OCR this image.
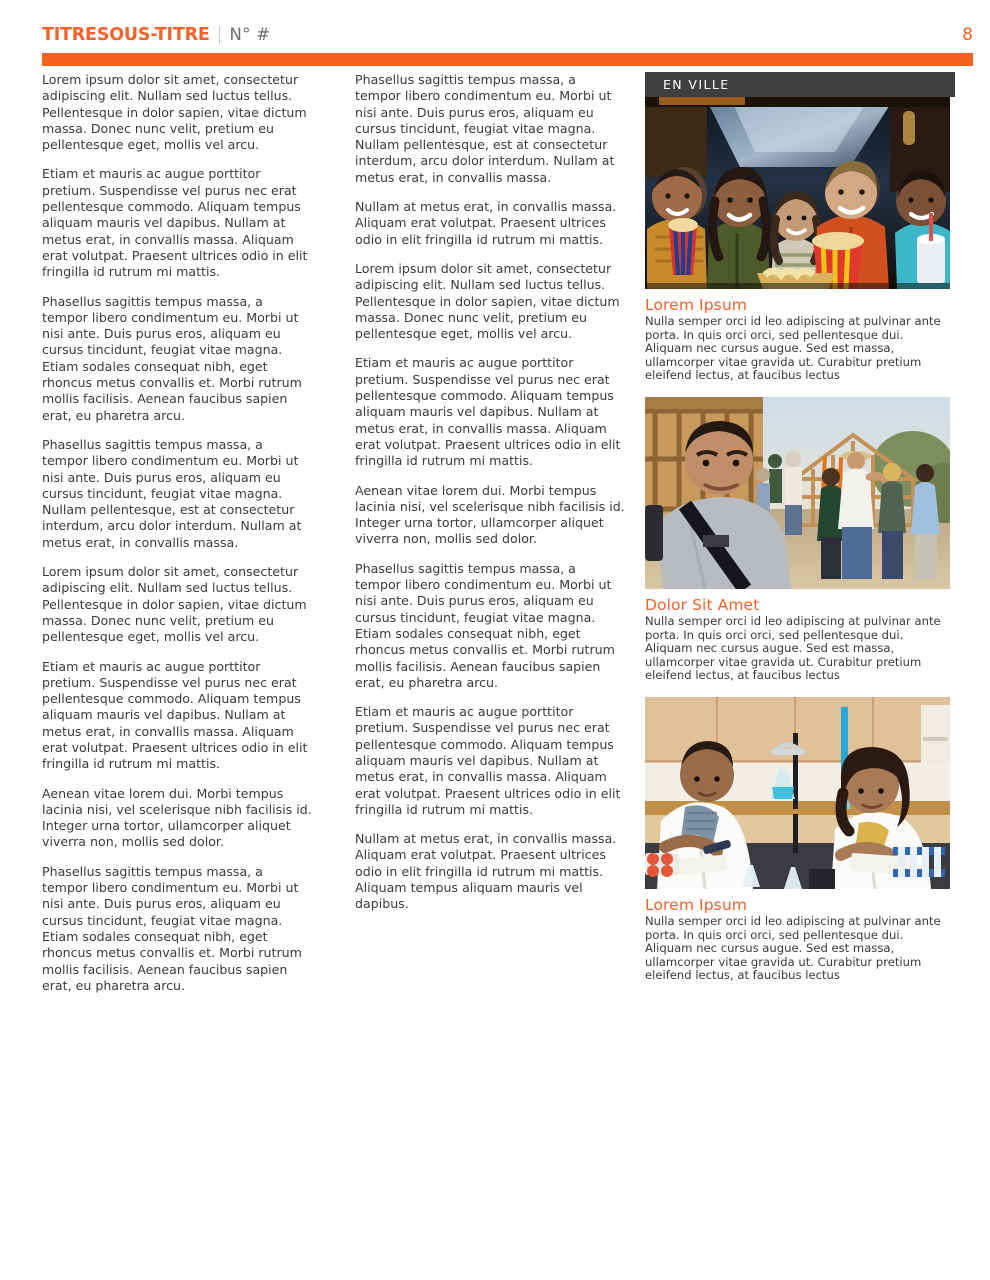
TITRESOUS-TITRE | N° #	8

Lorem ipsum dolor sit amet, consectetur adipiscing elit. Nullam sed luctus tellus. Pellentesque in dolor sapien, vitae dictum massa. Donec nunc velit, pretium eu pellentesque eget, mollis vel arcu.

Etiam et mauris ac augue porttitor pretium. Suspendisse vel purus nec erat pellentesque commodo. Aliquam tempus aliquam mauris vel dapibus. Nullam at metus erat, in convallis massa. Aliquam erat volutpat. Praesent ultrices odio in elit fringilla id rutrum mi mattis.

Phasellus sagittis tempus massa, a tempor libero condimentum eu. Morbi ut nisi ante. Duis purus eros, aliquam eu cursus tincidunt, feugiat vitae magna. Etiam sodales consequat nibh, eget rhoncus metus convallis et. Morbi rutrum mollis facilisis. Aenean faucibus sapien erat, eu pharetra arcu.

Phasellus sagittis tempus massa, a tempor libero condimentum eu. Morbi ut nisi ante. Duis purus eros, aliquam eu cursus tincidunt, feugiat vitae magna. Nullam pellentesque, est at consectetur interdum, arcu dolor interdum. Nullam at metus erat, in convallis massa.

Lorem ipsum dolor sit amet, consectetur adipiscing elit. Nullam sed luctus tellus. Pellentesque in dolor sapien, vitae dictum massa. Donec nunc velit, pretium eu pellentesque eget, mollis vel arcu.

Etiam et mauris ac augue porttitor pretium. Suspendisse vel purus nec erat pellentesque commodo. Aliquam tempus aliquam mauris vel dapibus. Nullam at metus erat, in convallis massa. Aliquam erat volutpat. Praesent ultrices odio in elit fringilla id rutrum mi mattis.

Aenean vitae lorem dui. Morbi tempus lacinia nisi, vel scelerisque nibh facilisis id. Integer urna tortor, ullamcorper aliquet viverra non, mollis sed dolor.

Phasellus sagittis tempus massa, a tempor libero condimentum eu. Morbi ut nisi ante. Duis purus eros, aliquam eu cursus tincidunt, feugiat vitae magna. Etiam sodales consequat nibh, eget rhoncus metus convallis et. Morbi rutrum mollis facilisis. Aenean faucibus sapien erat, eu pharetra arcu.

Phasellus sagittis tempus massa, a tempor libero condimentum eu. Morbi ut nisi ante. Duis purus eros, aliquam eu cursus tincidunt, feugiat vitae magna. Nullam pellentesque, est at consectetur interdum, arcu dolor interdum. Nullam at metus erat, in convallis massa.

Nullam at metus erat, in convallis massa. Aliquam erat volutpat. Praesent ultrices odio in elit fringilla id rutrum mi mattis.

Lorem ipsum dolor sit amet, consectetur adipiscing elit. Nullam sed luctus tellus. Pellentesque in dolor sapien, vitae dictum massa. Donec nunc velit, pretium eu pellentesque eget, mollis vel arcu.

Etiam et mauris ac augue porttitor pretium. Suspendisse vel purus nec erat pellentesque commodo. Aliquam tempus aliquam mauris vel dapibus. Nullam at metus erat, in convallis massa. Aliquam erat volutpat. Praesent ultrices odio in elit fringilla id rutrum mi mattis.

Aenean vitae lorem dui. Morbi tempus lacinia nisi, vel scelerisque nibh facilisis id. Integer urna tortor, ullamcorper aliquet viverra non, mollis sed dolor.

Phasellus sagittis tempus massa, a tempor libero condimentum eu. Morbi ut nisi ante. Duis purus eros, aliquam eu cursus tincidunt, feugiat vitae magna. Etiam sodales consequat nibh, eget rhoncus metus convallis et. Morbi rutrum mollis facilisis. Aenean faucibus sapien erat, eu pharetra arcu.

Etiam et mauris ac augue porttitor pretium. Suspendisse vel purus nec erat pellentesque commodo. Aliquam tempus aliquam mauris vel dapibus. Nullam at metus erat, in convallis massa. Aliquam erat volutpat. Praesent ultrices odio in elit fringilla id rutrum mi mattis.

Nullam at metus erat, in convallis massa. Aliquam erat volutpat. Praesent ultrices odio in elit fringilla id rutrum mi mattis. Aliquam tempus aliquam mauris vel dapibus.

EN VILLE
Lorem Ipsum
Nulla semper orci id leo adipiscing at pulvinar ante porta. In quis orci orci, sed pellentesque dui. Aliquam nec cursus augue. Sed est massa, ullamcorper vitae gravida ut. Curabitur pretium eleifend lectus, at faucibus lectus
Dolor Sit Amet
Nulla semper orci id leo adipiscing at pulvinar ante porta. In quis orci orci, sed pellentesque dui. Aliquam nec cursus augue. Sed est massa, ullamcorper vitae gravida ut. Curabitur pretium eleifend lectus, at faucibus lectus
Lorem Ipsum
Nulla semper orci id leo adipiscing at pulvinar ante porta. In quis orci orci, sed pellentesque dui. Aliquam nec cursus augue. Sed est massa, ullamcorper vitae gravida ut. Curabitur pretium eleifend lectus, at faucibus lectus
